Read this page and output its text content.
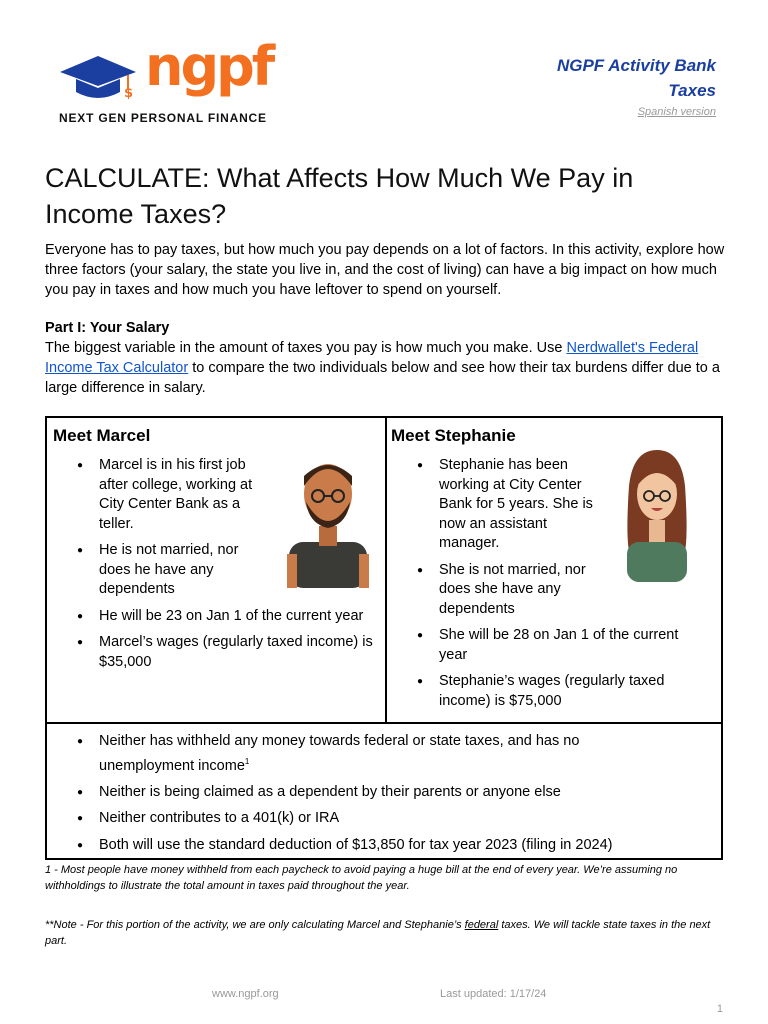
$ ngpf
NEXT GEN PERSONAL FINANCE
NGPF Activity Bank
Taxes
Spanish version
CALCULATE: What Affects How Much We Pay in Income Taxes?

Everyone has to pay taxes, but how much you pay depends on a lot of factors. In this activity, explore how three factors (your salary, the state you live in, and the cost of living) can have a big impact on how much you pay in taxes and how much you have leftover to spend on yourself.

Part I: Your Salary
The biggest variable in the amount of taxes you pay is how much you make. Use Nerdwallet's Federal Income Tax Calculator to compare the two individuals below and see how their tax burdens differ due to a large difference in salary.

Meet Marcel
● Marcel is in his first job after college, working at City Center Bank as a teller.
● He is not married, nor does he have any dependents
● He will be 23 on Jan 1 of the current year
● Marcel’s wages (regularly taxed income) is $35,000
Meet Stephanie
● Stephanie has been working at City Center Bank for 5 years. She is now an assistant manager.
● She is not married, nor does she have any dependents
● She will be 28 on Jan 1 of the current year
● Stephanie’s wages (regularly taxed income) is $75,000
● Neither has withheld any money towards federal or state taxes, and has no unemployment income$^1$
● Neither is being claimed as a dependent by their parents or anyone else
● Neither contributes to a 401(k) or IRA
● Both will use the standard deduction of $13,850 for tax year 2023 (filing in 2024)

1 - Most people have money withheld from each paycheck to avoid paying a huge bill at the end of every year. We’re assuming no withholdings to illustrate the total amount in taxes paid throughout the year.

**Note - For this portion of the activity, we are only calculating Marcel and Stephanie’s federal taxes. We will tackle state taxes in the next part.

www.ngpf.org	Last updated: 1/17/24
1
